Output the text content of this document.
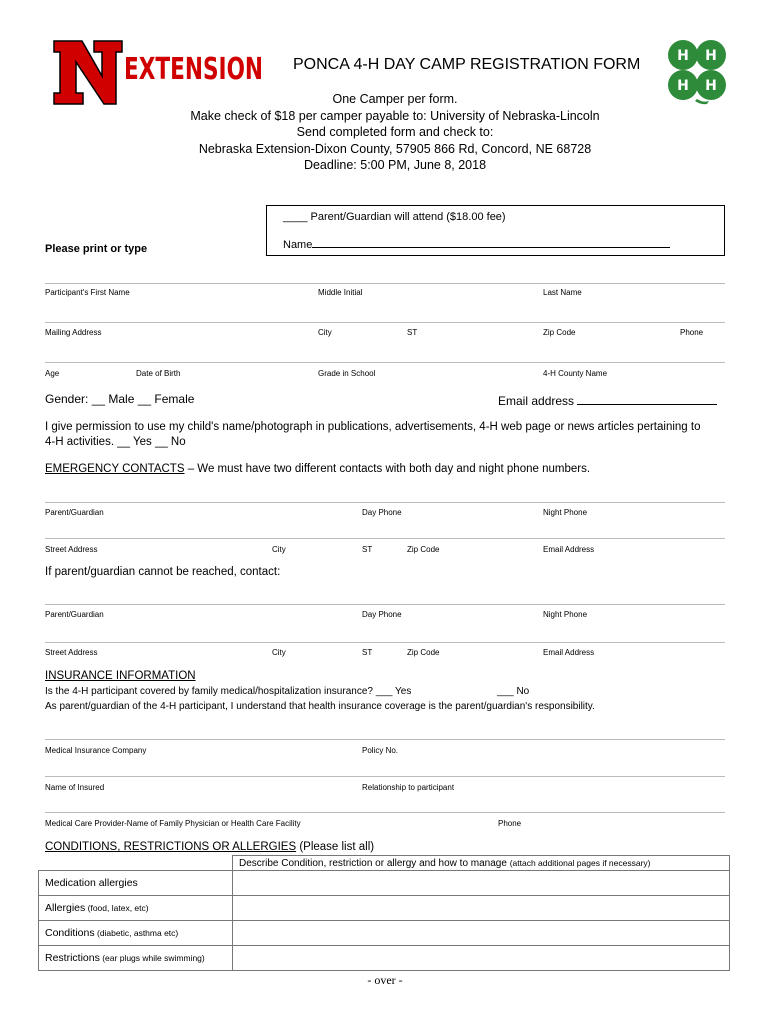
EXTENSION PONCA 4-H DAY CAMP REGISTRATION FORM	H H
H H
One Camper per form.
Make check of $18 per camper payable to: University of Nebraska-Lincoln
Send completed form and check to:
Nebraska Extension-Dixon County, 57905 866 Rd, Concord, NE 68728
Deadline: 5:00 PM, June 8, 2018
____ Parent/Guardian will attend ($18.00 fee)
Name
Please print or type
Participant's First Name	Middle Initial	Last Name
Mailing Address	City	ST	Zip Code	Phone
Age	Date of Birth	Grade in School	4-H County Name
Gender: __ Male __ Female	Email address
I give permission to use my child's name/photograph in publications, advertisements, 4-H web page or news articles pertaining to 4-H activities. __ Yes __ No
EMERGENCY CONTACTS – We must have two different contacts with both day and night phone numbers.
Parent/Guardian	Day Phone	Night Phone
Street Address	City	ST	Zip Code	Email Address
If parent/guardian cannot be reached, contact:
Parent/Guardian	Day Phone	Night Phone
Street Address	City	ST	Zip Code	Email Address
INSURANCE INFORMATION
Is the 4-H participant covered by family medical/hospitalization insurance? ___ Yes	___ No
As parent/guardian of the 4-H participant, I understand that health insurance coverage is the parent/guardian's responsibility.
Medical Insurance Company	Policy No.
Name of Insured	Relationship to participant
Medical Care Provider-Name of Family Physician or Health Care Facility	Phone
CONDITIONS, RESTRICTIONS OR ALLERGIES (Please list all)
	Describe Condition, restriction or allergy and how to manage (attach additional pages if necessary)
Medication allergies	
Allergies (food, latex, etc)	
Conditions (diabetic, asthma etc)	
Restrictions (ear plugs while swimming)	
- over -
